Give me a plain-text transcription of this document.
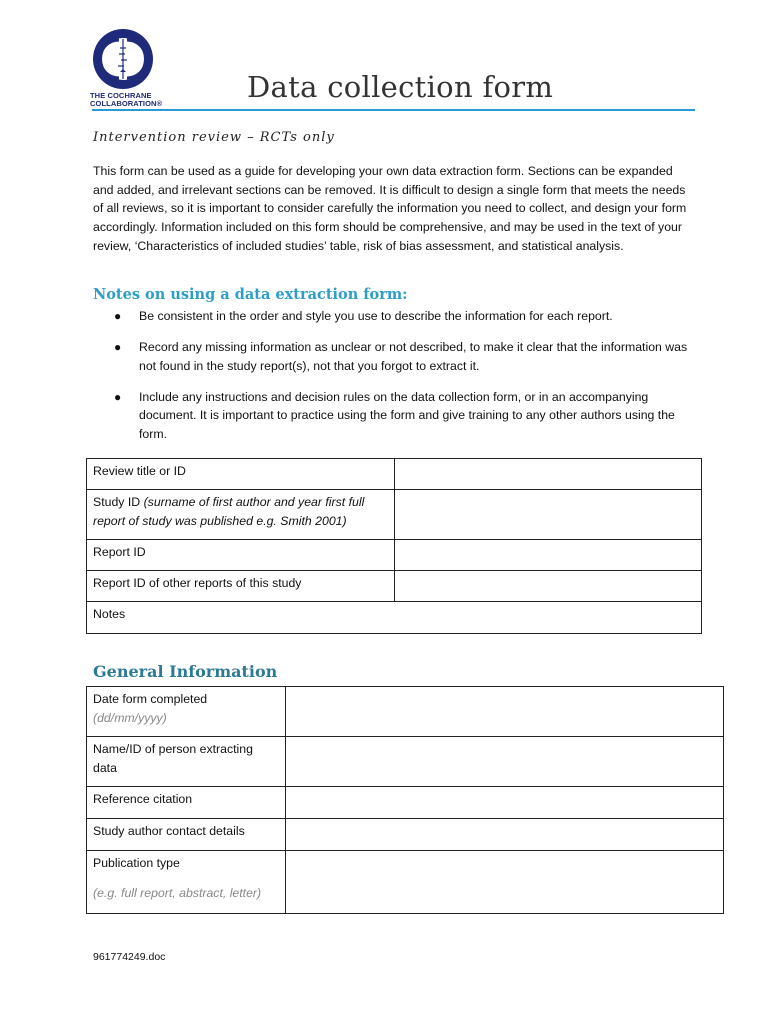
THE COCHRANE
COLLABORATION®	Data collection form
Intervention review – RCTs only
This form can be used as a guide for developing your own data extraction form. Sections can be expanded and added, and irrelevant sections can be removed. It is difficult to design a single form that meets the needs of all reviews, so it is important to consider carefully the information you need to collect, and design your form accordingly. Information included on this form should be comprehensive, and may be used in the text of your review, ‘Characteristics of included studies’ table, risk of bias assessment, and statistical analysis.
Notes on using a data extraction form:
● Be consistent in the order and style you use to describe the information for each report.
● Record any missing information as unclear or not described, to make it clear that the information was not found in the study report(s), not that you forgot to extract it.
● Include any instructions and decision rules on the data collection form, or in an accompanying document. It is important to practice using the form and give training to any other authors using the form.
Review title or ID	
Study ID (surname of first author and year first full report of study was published e.g. Smith 2001)	
Report ID	
Report ID of other reports of this study	
Notes	
General Information
Date form completed
(dd/mm/yyyy)	

Name/ID of person extracting data	
Reference citation	
Study author contact details	

Publication type
(e.g. full report, abstract, letter)	

961774249.doc
